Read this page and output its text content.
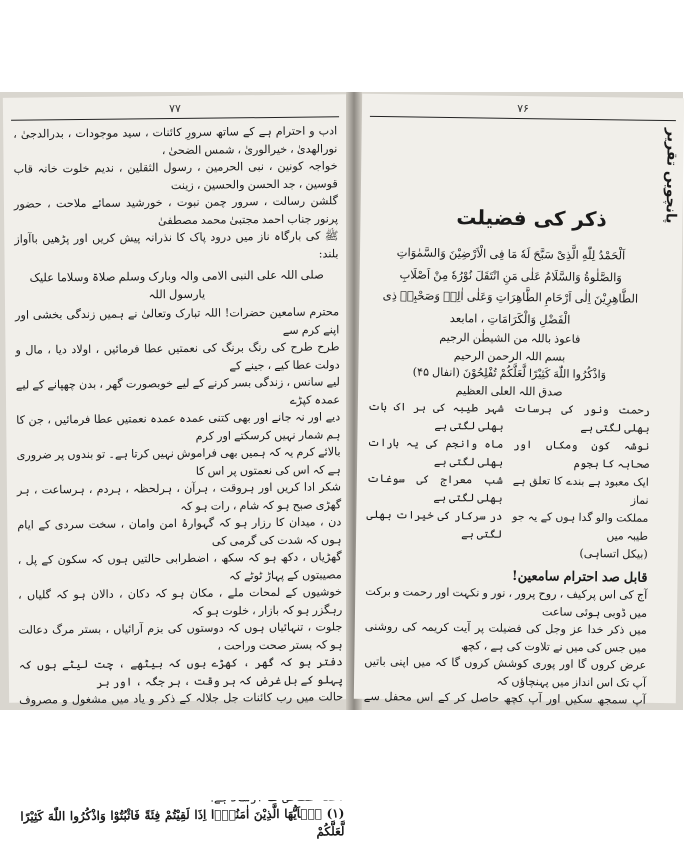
۷۷

ادب و احترام ہے کے ساتھ سرورِ کائنات ، سید موجودات ، بدرالدجیٰ ، نورالھدیٰ ، خیرالوریٰ ، شمس الضحیٰ ،

خواجہ کونین ، نبی الحرمین ، رسول الثقلین ، ندیم خلوت خانہ قاب قوسین ، جد الحسن والحسین ، زینت

گلشن رسالت ، سرور چمن نبوت ، خورشید سمائے ملاحت ، حضور پرنور جناب احمد مجتبیٰ محمد مصطفیٰ

ﷺ کی بارگاہ ناز میں درود پاک کا نذرانہ پیش کریں اور پڑھیں باآواز بلند:

صلی اللہ علی النبی الامی والہ وبارک وسلم صلاۃ وسلاما علیک یارسول اللہ

محترم سامعین حضرات! اللہ تبارک وتعالیٰ نے ہمیں زندگی بخشی اور اپنے کرم سے

طرح طرح کی رنگ برنگ کی نعمتیں عطا فرمائیں ، اولاد دیا ، مال و دولت عطا کیے ، جینے کے

لیے سانس ، زندگی بسر کرنے کے لیے خوبصورت گھر ، بدن چھپانے کے لیے عمدہ کپڑے

دیے اور نہ جانے اور بھی کتنی عمدہ عمدہ نعمتیں عطا فرمائیں ، جن کا ہم شمار نہیں کرسکتے اور کرم

بالائے کرم یہ کہ ہمیں بھی فراموش نہیں کرتا ہے۔ تو بندوں پر ضروری ہے کہ اس کی نعمتوں پر اس کا

شکر ادا کریں اور ہروقت ، ہرآن ، ہرلحظہ ، ہردم ، ہرساعت ، ہر گھڑی صبح ہو کہ شام ، رات ہو کہ

دن ، میدان کا رزار ہو کہ گہوارۂ امن وامان ، سخت سردی کے ایام ہوں کہ شدت کی گرمی کی

گھڑیاں ، دکھ ہو کہ سکھ ، اضطرابی حالتیں ہوں کہ سکون کے پل ، مصیبتوں کے پہاڑ ٹوٹے کہ

خوشیوں کے لمحات ملے ، مکان ہو کہ دکان ، دالان ہو کہ گلیاں ، رہگزر ہو کہ بازار ، خلوت ہو کہ

جلوت ، تنہائیاں ہوں کہ دوستوں کی بزم آرائیاں ، بستر مرگ دعالت ہو کہ بستر صحت وراحت ،

دفتر ہو کہ گھر ، کھڑے ہوں کہ بیٹھے ، چت لیٹے ہوں کہ پہلو کے بل غرض کہ ہر وقت ، ہر جگہ ، اور ہر

حالت میں رب کائنات جل جلالہ کے ذکر و یاد میں مشغول و مصروف

(۱) یٰۤاَیُّهَا الَّذِیْنَ اٰمَنُوْۤا اِذَا لَقِیْتُمْ فِئَةً فَاثْبُتُوْا وَاذْكُرُوا اللّٰهَ كَثِیْرًا لَّعَلَّكُمْ

۷۶
پانچویں تقریر
ذکر کی فضیلت

اَلْحَمْدُ لِلّٰهِ الَّذِیْ سَبَّحَ لَهٗ مَا فِی الْاَرْضِیْنَ وَالسَّمٰوَاتِ

وَالصَّلٰوةُ وَالسَّلَامُ عَلٰی مَنِ انْتَقَلَ نُوْرُهٗ مِنْ اَصْلَابِ

الطَّاهِرِیْنَ اِلٰی اَرْحَامِ الطَّاهِرَاتِ وَعَلٰی اٰلِهٖ وَصَحْبِهٖ ذِی

الْفَضْلِ وَالْكَرَامَاتِ ، امابعد

فاعوذ باللہ من الشیطٰن الرجیم

بسم اللہ الرحمن الرحیم

وَاذْكُرُوا اللّٰهَ كَثِیْرًا لَّعَلَّكُمْ تُفْلِحُوْنَ (انفال ۴۵)

صدق اللہ العلی العظیم

رحمت ونور کی برسات بھلی لگتی ہے
شہر طیبہ کی ہر اک بات بھلی لگتی ہے
نوشہ کون ومکاں اور صحابہ کا ہجوم
ماہ وانجم کی یہ بارات بھلی لگتی ہے
ایک معبود ہے بندے کا تعلق ہے نماز
شب معراج کی سوغات بھلی لگتی ہے
مملکت والو گدا ہوں کے یہ جو طیبہ میں
در سرکار کی خیرات بھلی لگتی ہے

(بیکل اتساہی)

قابل صد احترام سامعین!

آج کی اس پرکیف ، روح پرور ، نور و نکہت اور رحمت و برکت میں ڈوبی ہوئی ساعت

میں ذکر خدا عز وجل کی فضیلت پر آیت کریمہ کی روشنی میں جس کی میں نے تلاوت کی ہے ، کچھ

عرض کروں گا اور پوری کوشش کروں گا کہ میں اپنی باتیں آپ تک اس انداز میں پہنچاؤں کہ

آپ سمجھ سکیں اور آپ کچھ حاصل کر کے اس محفل سے
